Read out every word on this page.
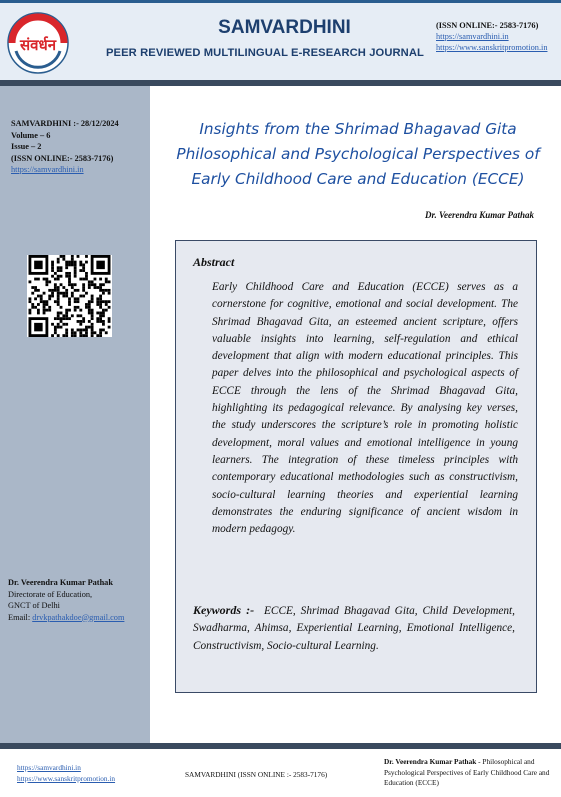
संवर्धन
SAMVARDHINI
PEER REVIEWED MULTILINGUAL E-RESEARCH JOURNAL
(ISSN ONLINE:- 2583-7176)
https://samvardhini.in
https://www.sanskritpromotion.in
SAMVARDHINI :- 28/12/2024
Volume – 6
Issue – 2
(ISSN ONLINE:- 2583-7176)
https://samvardhini.in
Dr. Veerendra Kumar Pathak
Directorate of Education,
GNCT of Delhi
Email: drvkpathakdoe@gmail.com
Insights from the Shrimad Bhagavad Gita
Philosophical and Psychological Perspectives of
Early Childhood Care and Education (ECCE)
Dr. Veerendra Kumar Pathak
Abstract
Early Childhood Care and Education (ECCE) serves as a cornerstone for cognitive, emotional and social development. The Shrimad Bhagavad Gita, an esteemed ancient scripture, offers valuable insights into learning, self-regulation and ethical development that align with modern educational principles. This paper delves into the philosophical and psychological aspects of ECCE through the lens of the Shrimad Bhagavad Gita, highlighting its pedagogical relevance. By analysing key verses, the study underscores the scripture’s role in promoting holistic development, moral values and emotional intelligence in young learners. The integration of these timeless principles with contemporary educational methodologies such as constructivism, socio-cultural learning theories and experiential learning demonstrates the enduring significance of ancient wisdom in modern pedagogy.
Keywords :- ECCE, Shrimad Bhagavad Gita, Child Development, Swadharma, Ahimsa, Experiential Learning, Emotional Intelligence, Constructivism, Socio-cultural Learning.
https://samvardhini.in
https://www.sanskritpromotion.in	SAMVARDHINI (ISSN ONLINE :- 2583-7176)
Dr. Veerendra Kumar Pathak - Philosophical and Psychological Perspectives of Early Childhood Care and Education (ECCE)
